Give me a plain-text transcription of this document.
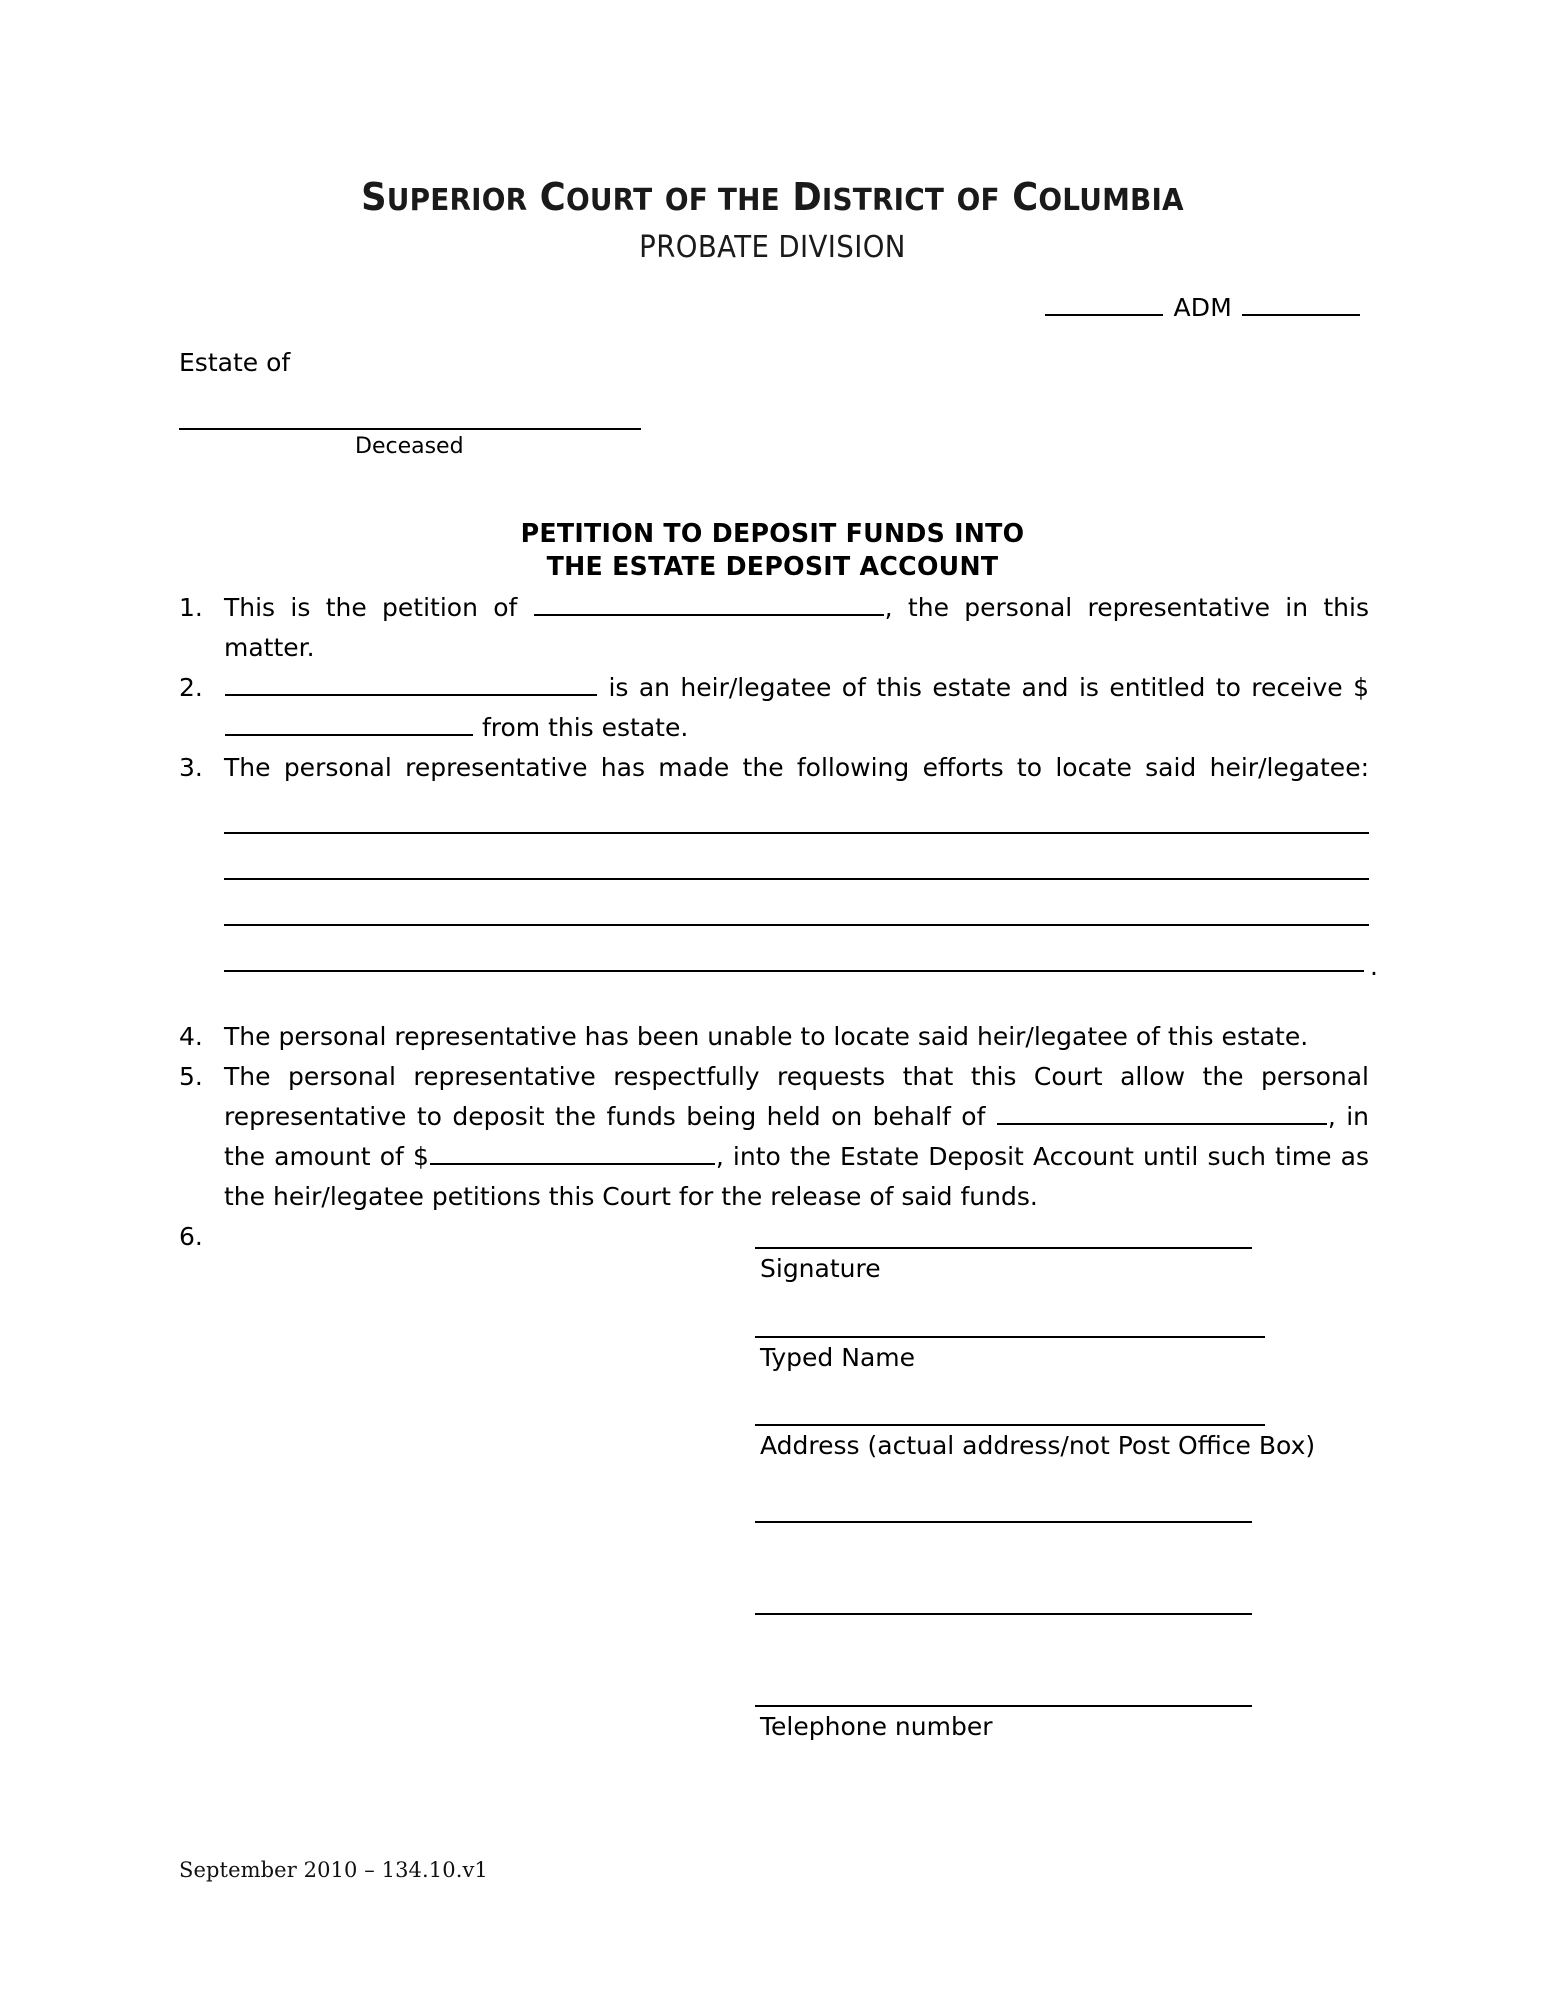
SUPERIOR COURT OF THE DISTRICT OF COLUMBIA
PROBATE DIVISION
ADM
Estate of
Deceased
PETITION TO DEPOSIT FUNDS INTO
THE ESTATE DEPOSIT ACCOUNT
1. This is the petition of	, the personal representative in this matter.
2.	is an heir/legatee of this estate and is entitled to receive $ from this estate.
3. The personal representative has made the following efforts to locate said heir/legatee:
4. The personal representative has been unable to locate said heir/legatee of this estate.
5. The personal representative respectfully requests that this Court allow the personal representative to deposit the funds being held on behalf of	, in the amount of $	, into the Estate Deposit Account until such time as the heir/legatee petitions this Court for the release of said funds.
6.
.
Signature
Typed Name
Address (actual address/not Post Office Box)

Telephone number
September 2010 – 134.10.v1
